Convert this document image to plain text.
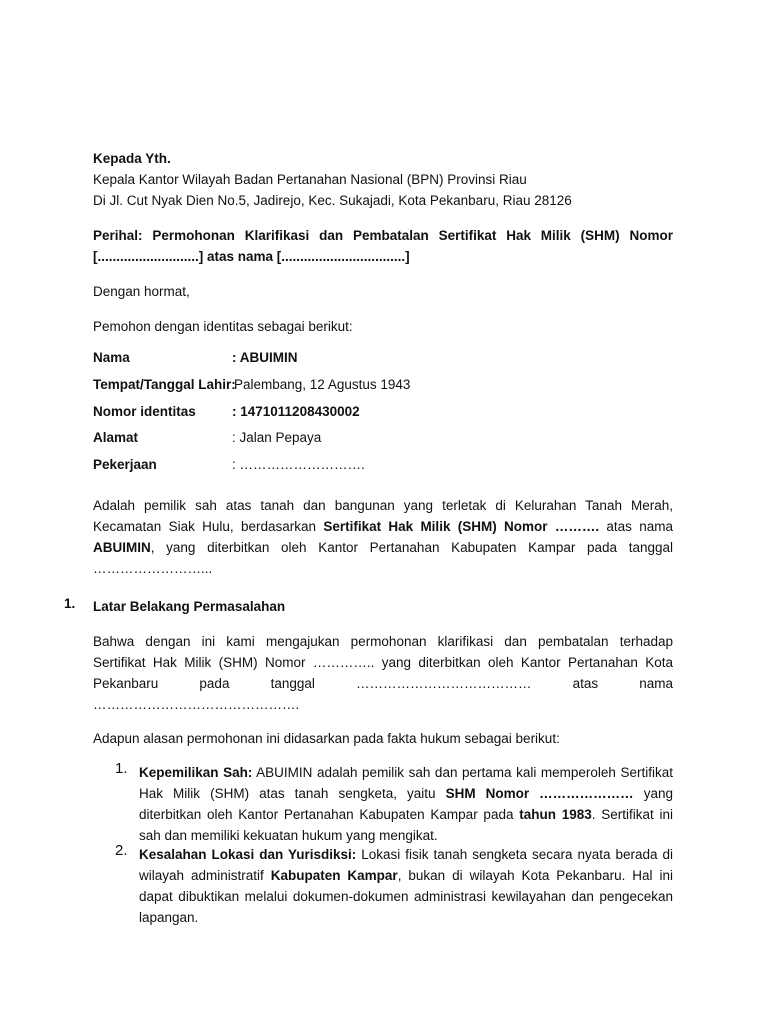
Kepada Yth.
Kepala Kantor Wilayah Badan Pertanahan Nasional (BPN) Provinsi Riau
Di Jl. Cut Nyak Dien No.5, Jadirejo, Kec. Sukajadi, Kota Pekanbaru, Riau 28126
Perihal: Permohonan Klarifikasi dan Pembatalan Sertifikat Hak Milik (SHM) Nomor
[...........................] atas nama [.................................]
Dengan hormat,
Pemohon dengan identitas sebagai berikut:
Nama	: ABUIMIN
Tempat/Tanggal Lahir:
Palembang, 12 Agustus 1943
Nomor identitas	: 1471011208430002
Alamat	: Jalan Pepaya
Pekerjaan	: ……………………….
Adalah pemilik sah atas tanah dan bangunan yang terletak di Kelurahan Tanah Merah,
Kecamatan Siak Hulu, berdasarkan Sertifikat Hak Milik (SHM) Nomor ………. atas nama
ABUIMIN, yang diterbitkan oleh Kantor Pertanahan Kabupaten Kampar pada tanggal
……………………...
1. Latar Belakang Permasalahan
Bahwa dengan ini kami mengajukan permohonan klarifikasi dan pembatalan terhadap
Sertifikat Hak Milik (SHM) Nomor ………….. yang diterbitkan oleh Kantor Pertanahan Kota
Pekanbaru pada tanggal ………………………………… atas nama
……………………………………….
Adapun alasan permohonan ini didasarkan pada fakta hukum sebagai berikut:
1. Kepemilikan Sah: ABUIMIN adalah pemilik sah dan pertama kali memperoleh Sertifikat Hak Milik (SHM) atas tanah sengketa, yaitu SHM Nomor ………………… yang diterbitkan oleh Kantor Pertanahan Kabupaten Kampar pada tahun 1983. Sertifikat ini sah dan memiliki kekuatan hukum yang mengikat.
2. Kesalahan Lokasi dan Yurisdiksi: Lokasi fisik tanah sengketa secara nyata berada di wilayah administratif Kabupaten Kampar, bukan di wilayah Kota Pekanbaru. Hal ini dapat dibuktikan melalui dokumen-dokumen administrasi kewilayahan dan pengecekan lapangan.
